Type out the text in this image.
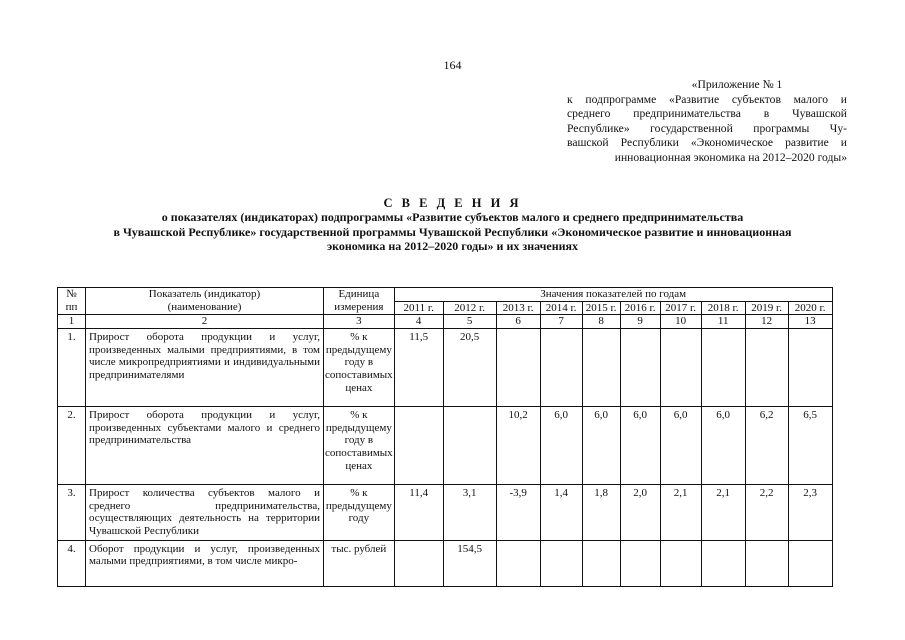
164
«Приложение № 1
к подпрограмме «Развитие субъектов малого и
среднего предпринимательства в Чувашской
Республике» государственной программы Чу-
вашской Республики «Экономическое развитие и
инновационная экономика на 2012–2020 годы»
С В Е Д Е Н И Я
о показателях (индикаторах) подпрограммы «Развитие субъектов малого и среднего предпринимательства
в Чувашской Республике» государственной программы Чувашской Республики «Экономическое развитие и инновационная
экономика на 2012–2020 годы» и их значениях
№ пп	Показатель (индикатор) (наименование)	Единица измерения	Значения показателей по годам									
			2011 г.	2012 г.	2013 г.	2014 г.	2015 г.	2016 г.	2017 г.	2018 г.	2019 г.	2020 г.
1	2	3	4	5	6	7	8	9	10	11	12	13
1.	Прирост оборота продукции и услуг, произведенных малыми предприятиями, в том числе микропредприятиями и индивидуальными предпринимателями	% к предыдущему году в сопоставимых ценах	11,5	20,5								
2.	Прирост оборота продукции и услуг, произведенных субъектами малого и среднего предпринимательства	% к предыдущему году в сопоставимых ценах			10,2	6,0	6,0	6,0	6,0	6,0	6,2	6,5
3.	Прирост количества субъектов малого и среднего предпринимательства, осуществляющих деятельность на территории Чувашской Республики	% к предыдущему году	11,4	3,1	-3,9	1,4	1,8	2,0	2,1	2,1	2,2	2,3
4.	Оборот продукции и услуг, произведенных малыми предприятиями, в том числе микро-	тыс. рублей		154,5								
